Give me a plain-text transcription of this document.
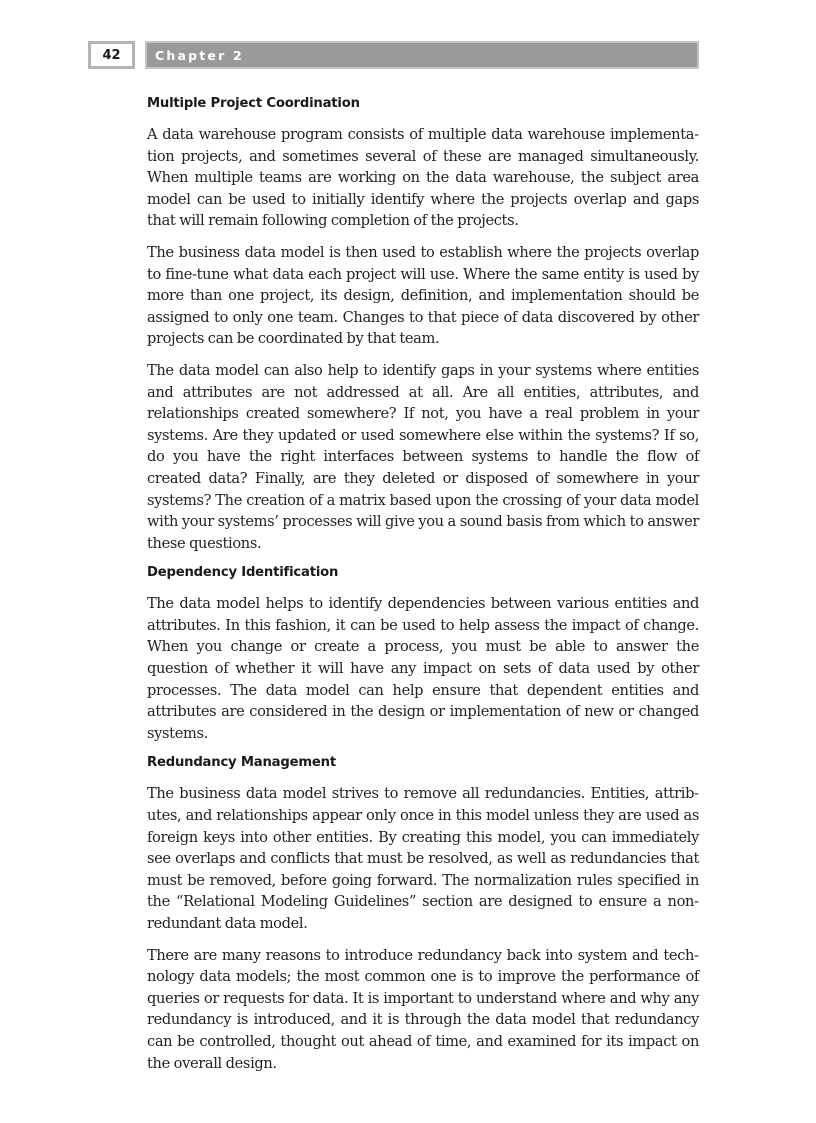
42	Chapter 2
Multiple Project Coordination

A data warehouse program consists of multiple data warehouse implementation projects, and sometimes several of these are managed simultaneously. When multiple teams are working on the data warehouse, the subject area model can be used to initially identify where the projects overlap and gaps that will remain following completion of the projects.

The business data model is then used to establish where the projects overlap to fine-tune what data each project will use. Where the same entity is used by more than one project, its design, definition, and implementation should be assigned to only one team. Changes to that piece of data discovered by other projects can be coordinated by that team.

The data model can also help to identify gaps in your systems where entities and attributes are not addressed at all. Are all entities, attributes, and relationships created somewhere? If not, you have a real problem in your systems. Are they updated or used somewhere else within the systems? If so, do you have the right interfaces between systems to handle the flow of created data? Finally, are they deleted or disposed of somewhere in your systems? The creation of a matrix based upon the crossing of your data model with your systems’ processes will give you a sound basis from which to answer these questions.

Dependency Identification

The data model helps to identify dependencies between various entities and attributes. In this fashion, it can be used to help assess the impact of change. When you change or create a process, you must be able to answer the question of whether it will have any impact on sets of data used by other processes. The data model can help ensure that dependent entities and attributes are considered in the design or implementation of new or changed systems.

Redundancy Management

The business data model strives to remove all redundancies. Entities, attributes, and relationships appear only once in this model unless they are used as foreign keys into other entities. By creating this model, you can immediately see overlaps and conflicts that must be resolved, as well as redundancies that must be removed, before going forward. The normalization rules specified in the “Relational Modeling Guidelines” section are designed to ensure a nonredundant data model.

There are many reasons to introduce redundancy back into system and technology data models; the most common one is to improve the performance of queries or requests for data. It is important to understand where and why any redundancy is introduced, and it is through the data model that redundancy can be controlled, thought out ahead of time, and examined for its impact on the overall design.
